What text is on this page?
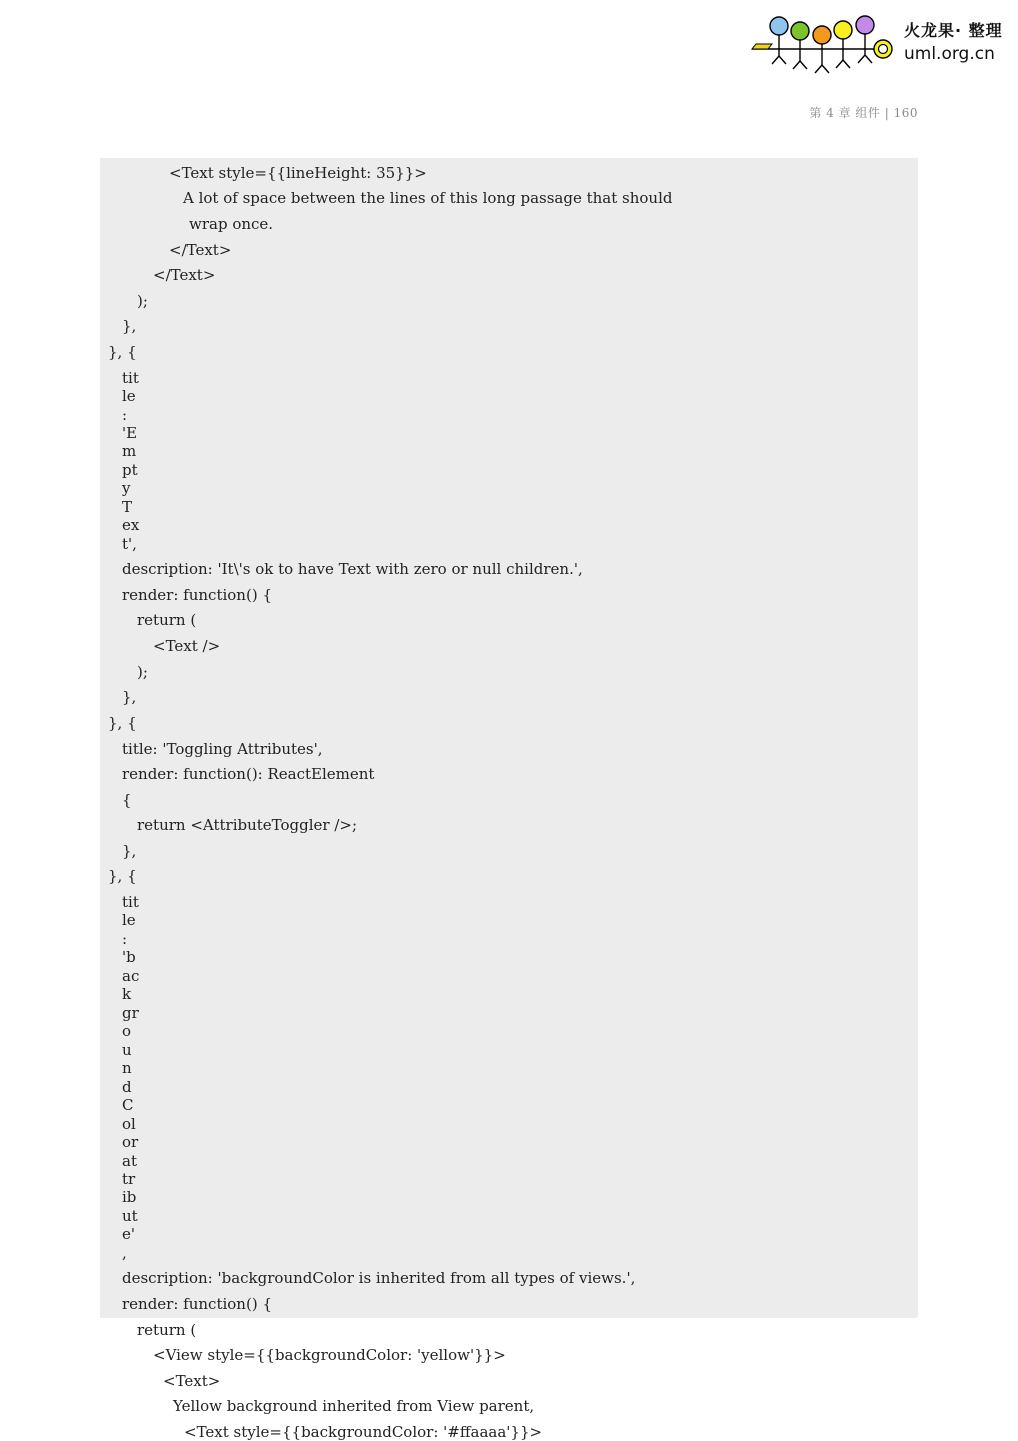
火龙果· 整理
uml.org.cn
第 4 章 组件 | 160
<Text style={{lineHeight: 35}}>
A lot of space between the lines of this long passage that should
wrap once.
</Text>
</Text>
);
},
}, {
tit
le
:
'E
m
pt
y
T
ex
t',
description: 'It\'s ok to have Text with zero or null children.',
render: function() {
return (
<Text />
);
},
}, {
title: 'Toggling Attributes',
render: function(): ReactElement
{
return <AttributeToggler />;
},
}, {
tit
le
:
'b
ac
k
gr
o
u
n
d
C
ol
or
at
tr
ib
ut
e'
,
description: 'backgroundColor is inherited from all types of views.',
render: function() {
return (
<View style={{backgroundColor: 'yellow'}}>
<Text>
Yellow background inherited from View parent,
<Text style={{backgroundColor: '#ffaaaa'}}>
